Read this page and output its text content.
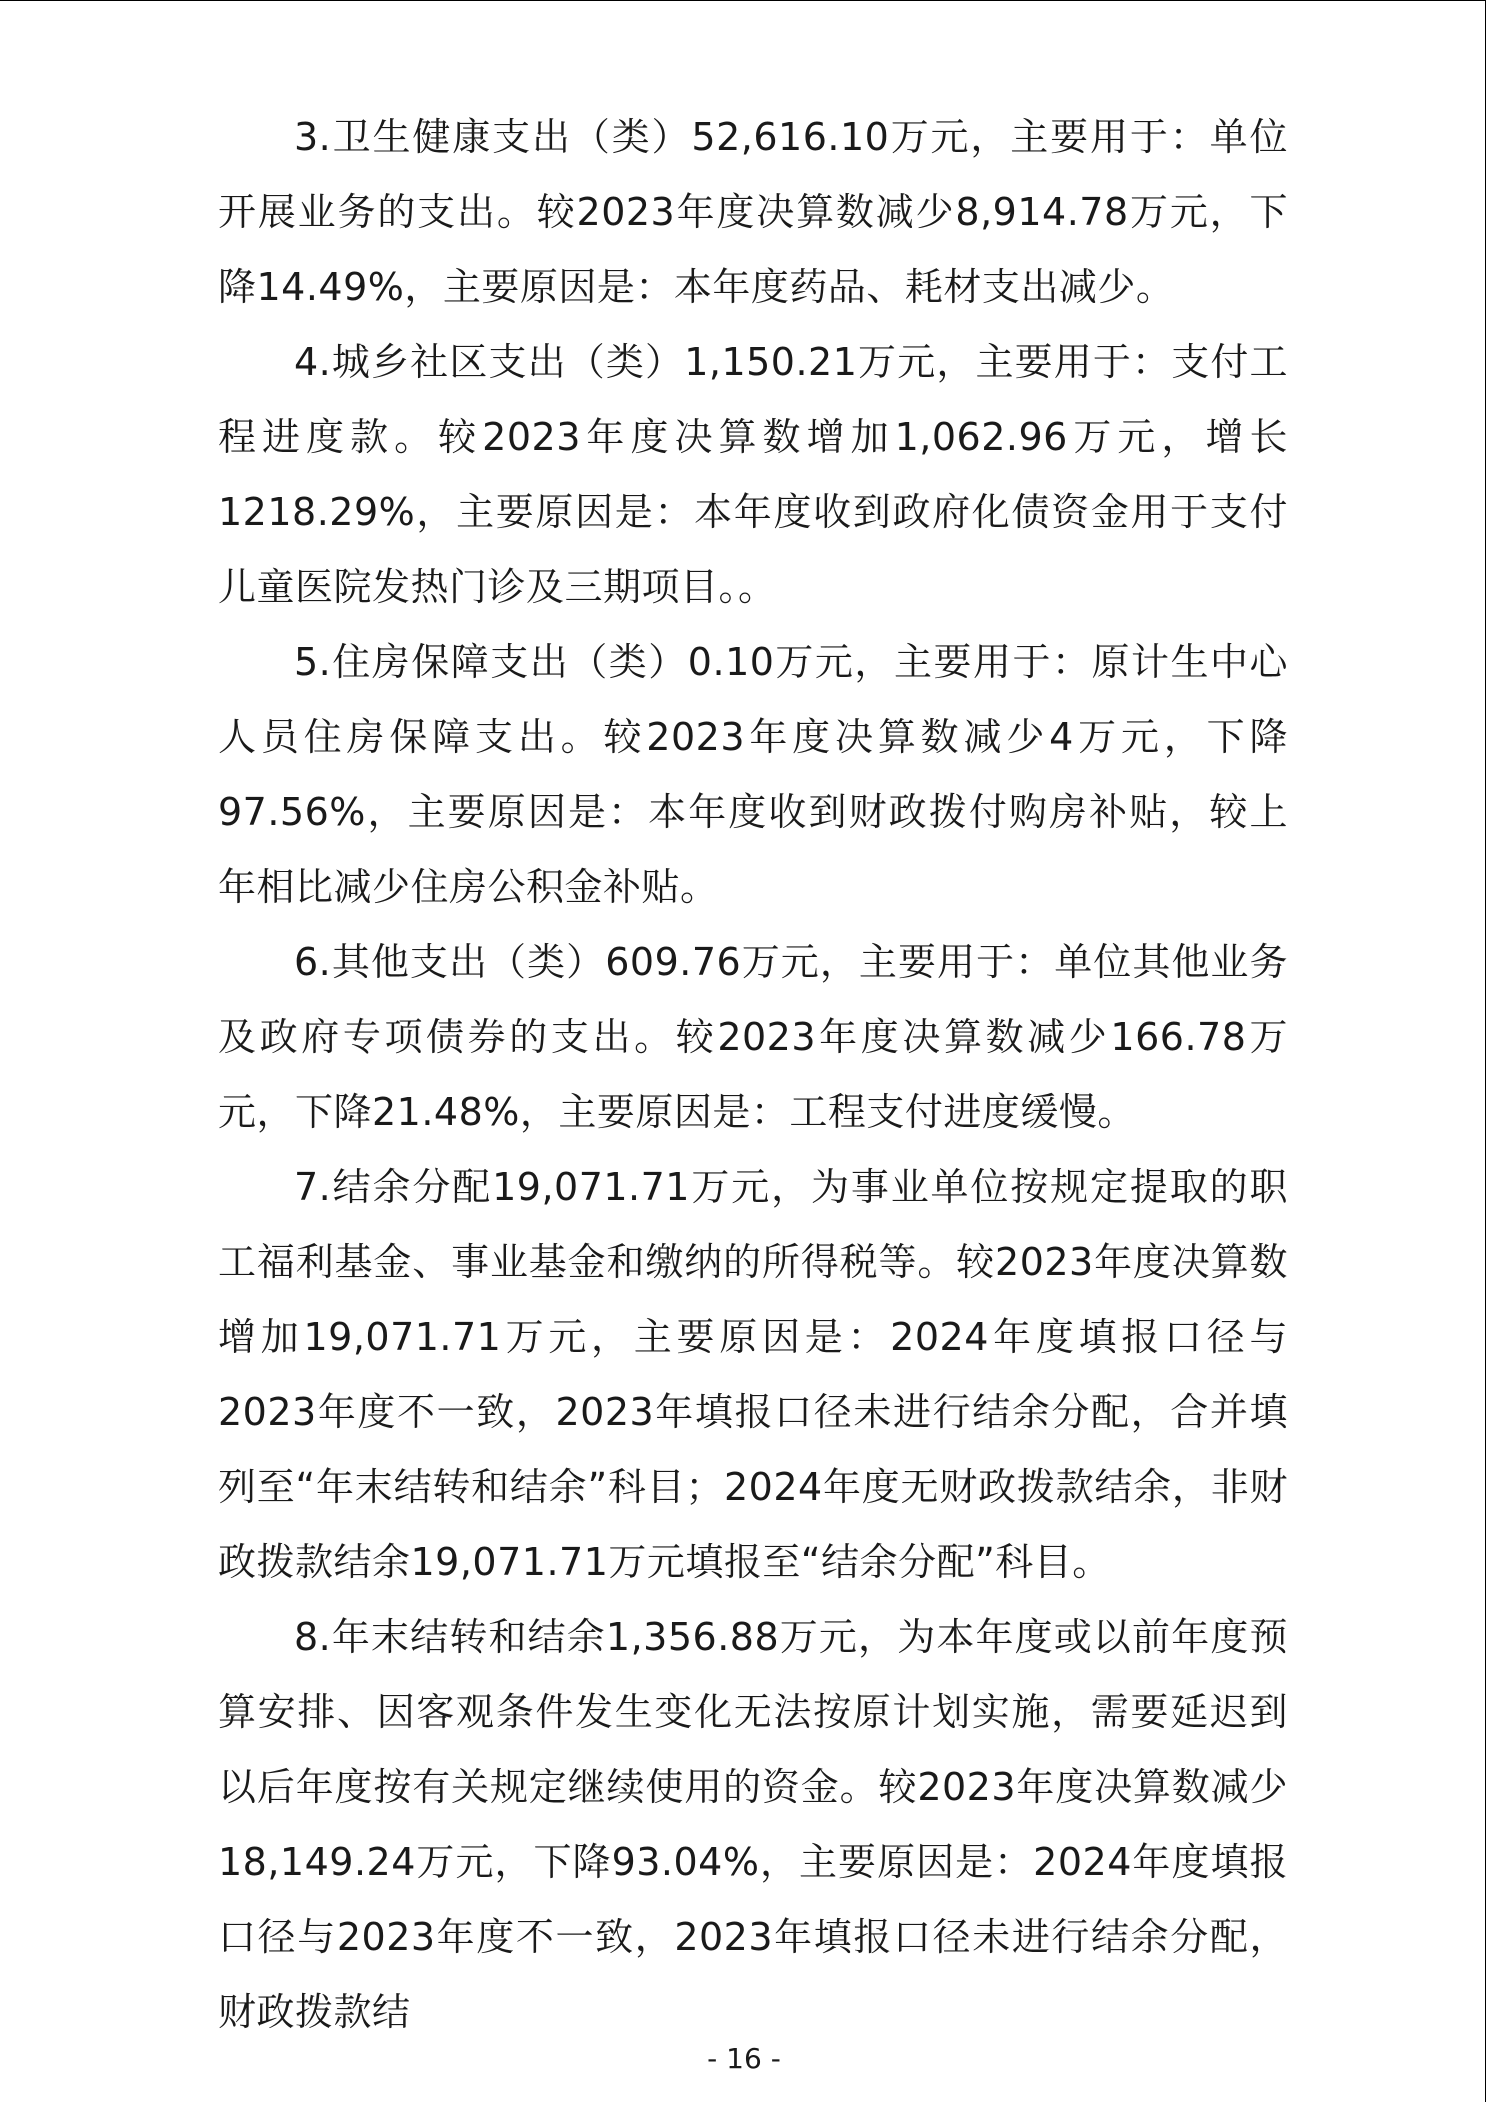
3.卫生健康支出（类）52,616.10万元，主要用于：单位开展业务的支出。较2023年度决算数减少8,914.78万元，下降14.49%，主要原因是：本年度药品、耗材支出减少。

4.城乡社区支出（类）1,150.21万元，主要用于：支付工程进度款。较2023年度决算数增加1,062.96万元，增长1218.29%，主要原因是：本年度收到政府化债资金用于支付儿童医院发热门诊及三期项目。。

5.住房保障支出（类）0.10万元，主要用于：原计生中心人员住房保障支出。较2023年度决算数减少4万元，下降97.56%，主要原因是：本年度收到财政拨付购房补贴，较上年相比减少住房公积金补贴。

6.其他支出（类）609.76万元，主要用于：单位其他业务及政府专项债券的支出。较2023年度决算数减少166.78万元，下降21.48%，主要原因是：工程支付进度缓慢。

7.结余分配19,071.71万元，为事业单位按规定提取的职工福利基金、事业基金和缴纳的所得税等。较2023年度决算数增加19,071.71万元，主要原因是：2024年度填报口径与2023年度不一致，2023年填报口径未进行结余分配，合并填列至“年末结转和结余”科目；2024年度无财政拨款结余，非财政拨款结余19,071.71万元填报至“结余分配”科目。

8.年末结转和结余1,356.88万元，为本年度或以前年度预算安排、因客观条件发生变化无法按原计划实施，需要延迟到以后年度按有关规定继续使用的资金。较2023年度决算数减少18,149.24万元，下降93.04%，主要原因是：2024年度填报口径与2023年度不一致，2023年填报口径未进行结余分配，财政拨款结

- 16 -
